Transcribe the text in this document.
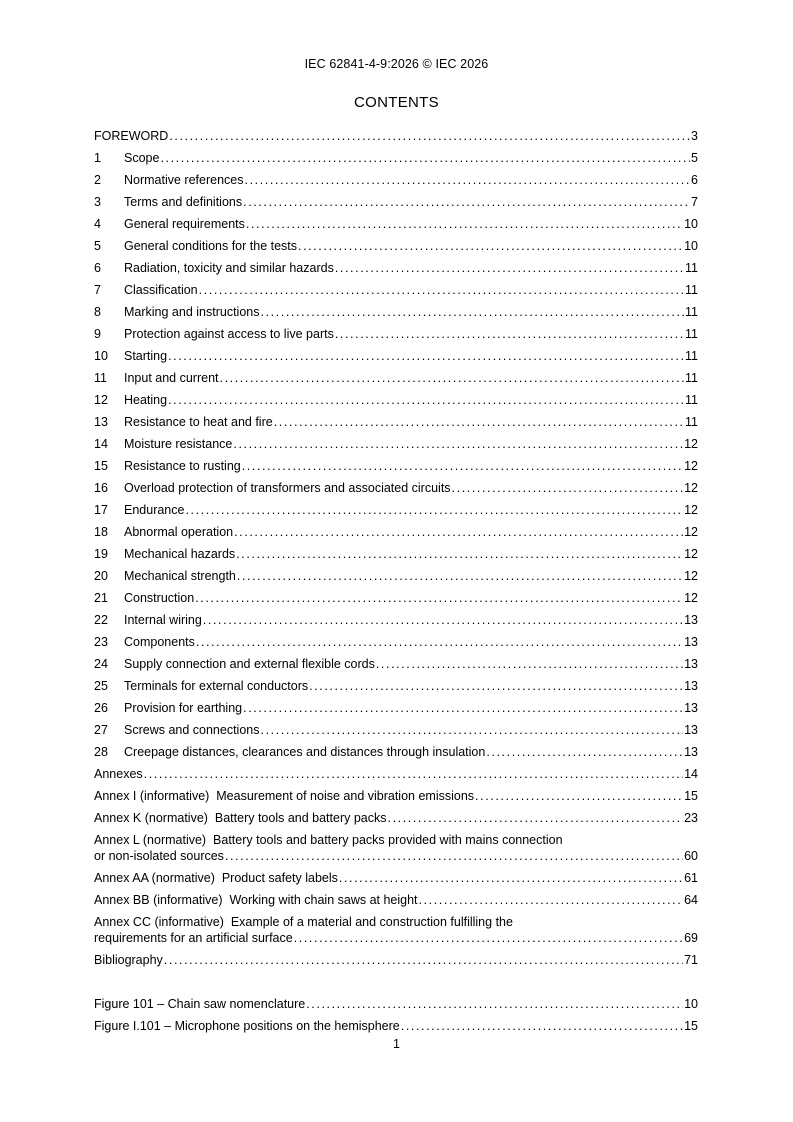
IEC 62841-4-9:2026 © IEC 2026
CONTENTS
FOREWORD .....	3
1	Scope .....	5
2	Normative references .....	6
3	Terms and definitions .....	7
4	General requirements .....	10
5	General conditions for the tests .....	10
6	Radiation, toxicity and similar hazards .....	11
7	Classification .....	11
8	Marking and instructions .....	11
9	Protection against access to live parts .....	11
10	Starting .....	11
11	Input and current .....	11
12	Heating .....	11
13	Resistance to heat and fire .....	11
14	Moisture resistance .....	12
15	Resistance to rusting .....	12
16	Overload protection of transformers and associated circuits .....	12
17	Endurance .....	12
18	Abnormal operation .....	12
19	Mechanical hazards .....	12
20	Mechanical strength .....	12
21	Construction .....	12
22	Internal wiring .....	13
23	Components .....	13
24	Supply connection and external flexible cords .....	13
25	Terminals for external conductors .....	13
26	Provision for earthing .....	13
27	Screws and connections .....	13
28	Creepage distances, clearances and distances through insulation .....	13
Annexes .....	14
Annex I (informative)  Measurement of noise and vibration emissions .....	15
Annex K (normative)  Battery tools and battery packs .....	23
Annex L (normative)  Battery tools and battery packs provided with mains connection
or non-isolated sources .....	60
Annex AA (normative)  Product safety labels .....	61
Annex BB (informative)  Working with chain saws at height .....	64
Annex CC (informative)  Example of a material and construction fulfilling the
requirements for an artificial surface .....	69
Bibliography .....	71
Figure 101 – Chain saw nomenclature .....	10
Figure I.101 – Microphone positions on the hemisphere .....	15
1
